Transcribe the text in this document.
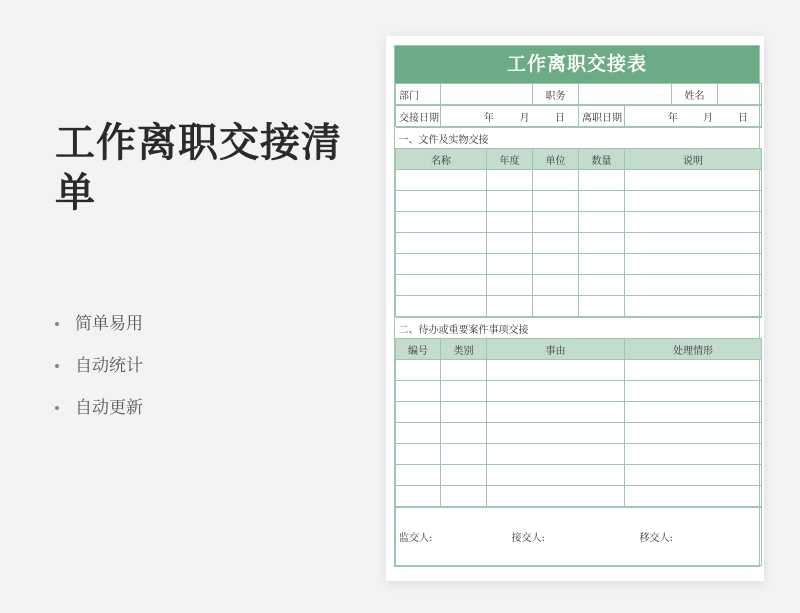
工作离职交接清单
简单易用
自动统计
自动更新
工作离职交接表
部门		职务		姓名	
交接日期	年	月	日	离职日期	年	月	日
一、文件及实物交接				
名称	年度	单位	数量	说明

二、待办或重要案件事项交接			
编号	类别	事由	处理情形

监交人:	接交人:	移交人:
